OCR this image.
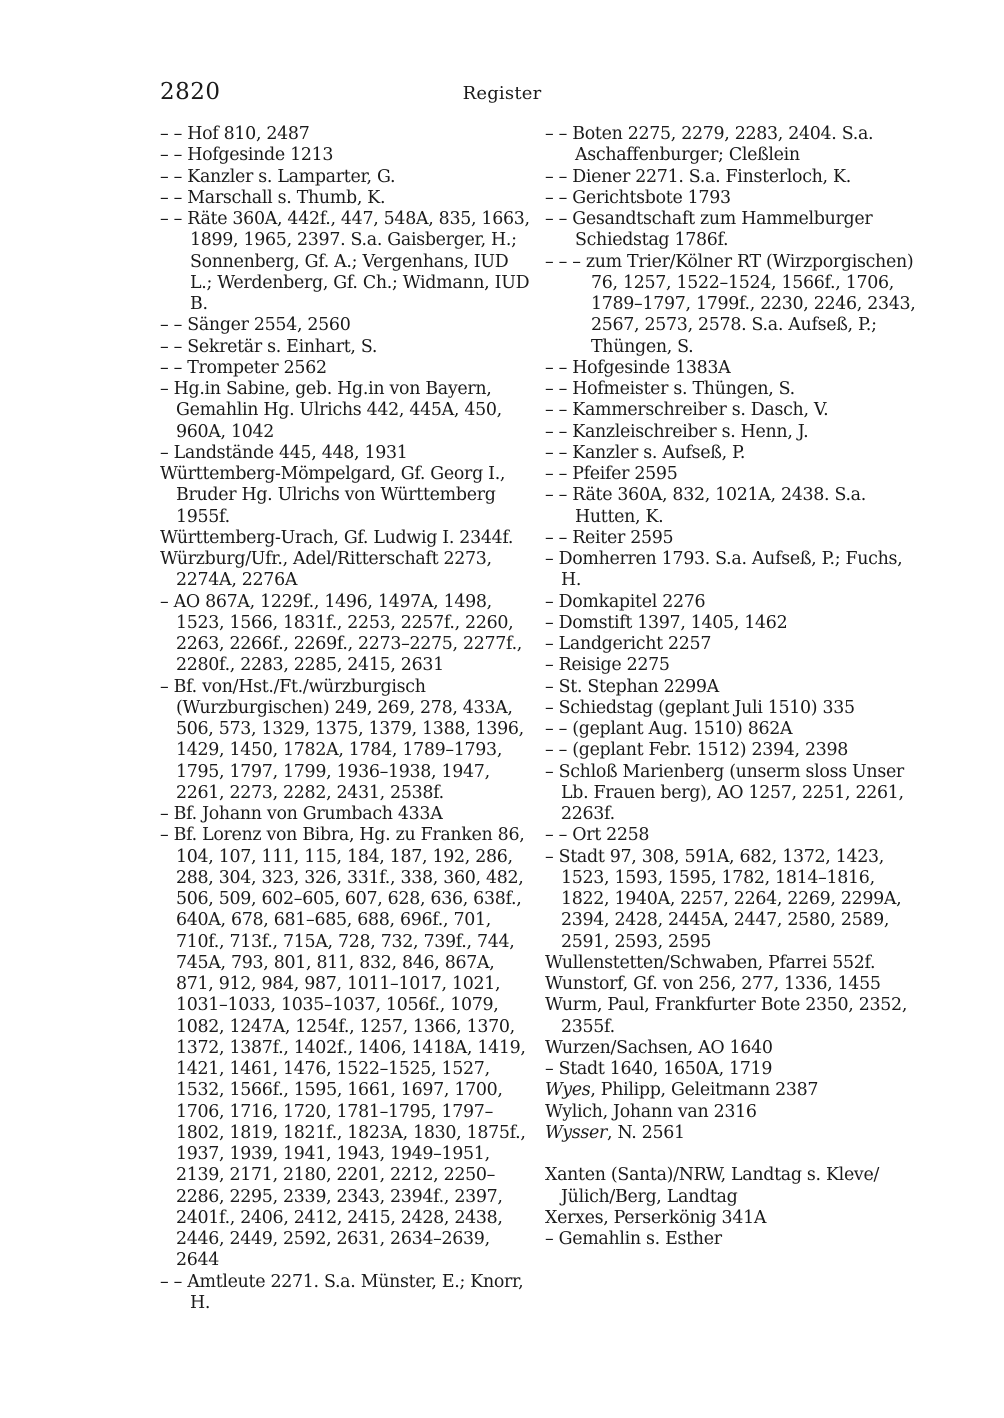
2820	Register

– – Hof 810, 2487

– – Hofgesinde 1213

– – Kanzler s. Lamparter, G.

– – Marschall s. Thumb, K.

– – Räte 360A, 442f., 447, 548A, 835, 1663, 1899, 1965, 2397. S.a. Gaisberger, H.; Sonnenberg, Gf. A.; Vergenhans, IUD L.; Werdenberg, Gf. Ch.; Widmann, IUD B.

– – Sänger 2554, 2560

– – Sekretär s. Einhart, S.

– – Trompeter 2562

– Hg.in Sabine, geb. Hg.in von Bayern, Gemahlin Hg. Ulrichs 442, 445A, 450, 960A, 1042

– Landstände 445, 448, 1931

Württemberg-Mömpelgard, Gf. Georg I., Bruder Hg. Ulrichs von Württemberg 1955f.

Württemberg-Urach, Gf. Ludwig I. 2344f.

Würzburg/Ufr., Adel/Ritterschaft 2273, 2274A, 2276A

– AO 867A, 1229f., 1496, 1497A, 1498, 1523, 1566, 1831f., 2253, 2257f., 2260, 2263, 2266f., 2269f., 2273–2275, 2277f., 2280f., 2283, 2285, 2415, 2631

– Bf. von/Hst./Ft./würzburgisch (Wurzburgischen) 249, 269, 278, 433A, 506, 573, 1329, 1375, 1379, 1388, 1396, 1429, 1450, 1782A, 1784, 1789–1793, 1795, 1797, 1799, 1936–1938, 1947, 2261, 2273, 2282, 2431, 2538f.

– Bf. Johann von Grumbach 433A

– Bf. Lorenz von Bibra, Hg. zu Franken 86, 104, 107, 111, 115, 184, 187, 192, 286, 288, 304, 323, 326, 331f., 338, 360, 482, 506, 509, 602–605, 607, 628, 636, 638f., 640A, 678, 681–685, 688, 696f., 701, 710f., 713f., 715A, 728, 732, 739f., 744, 745A, 793, 801, 811, 832, 846, 867A, 871, 912, 984, 987, 1011–1017, 1021, 1031–1033, 1035–1037, 1056f., 1079, 1082, 1247A, 1254f., 1257, 1366, 1370, 1372, 1387f., 1402f., 1406, 1418A, 1419, 1421, 1461, 1476, 1522–1525, 1527, 1532, 1566f., 1595, 1661, 1697, 1700, 1706, 1716, 1720, 1781–1795, 1797–1802, 1819, 1821f., 1823A, 1830, 1875f., 1937, 1939, 1941, 1943, 1949–1951, 2139, 2171, 2180, 2201, 2212, 2250–2286, 2295, 2339, 2343, 2394f., 2397, 2401f., 2406, 2412, 2415, 2428, 2438, 2446, 2449, 2592, 2631, 2634–2639, 2644

– – Amtleute 2271. S.a. Münster, E.; Knorr, H.

– – Boten 2275, 2279, 2283, 2404. S.a. Aschaffenburger; Cleßlein

– – Diener 2271. S.a. Finsterloch, K.

– – Gerichtsbote 1793

– – Gesandtschaft zum Hammelburger Schiedstag 1786f.

– – – zum Trier/Kölner RT (Wirzporgischen) 76, 1257, 1522–1524, 1566f., 1706, 1789–1797, 1799f., 2230, 2246, 2343, 2567, 2573, 2578. S.a. Aufseß, P.; Thüngen, S.

– – Hofgesinde 1383A

– – Hofmeister s. Thüngen, S.

– – Kammerschreiber s. Dasch, V.

– – Kanzleischreiber s. Henn, J.

– – Kanzler s. Aufseß, P.

– – Pfeifer 2595

– – Räte 360A, 832, 1021A, 2438. S.a. Hutten, K.

– – Reiter 2595

– Domherren 1793. S.a. Aufseß, P.; Fuchs, H.

– Domkapitel 2276

– Domstift 1397, 1405, 1462

– Landgericht 2257

– Reisige 2275

– St. Stephan 2299A

– Schiedstag (geplant Juli 1510) 335

– – (geplant Aug. 1510) 862A

– – (geplant Febr. 1512) 2394, 2398

– Schloß Marienberg (unserm sloss Unser Lb. Frauen berg), AO 1257, 2251, 2261, 2263f.

– – Ort 2258

– Stadt 97, 308, 591A, 682, 1372, 1423, 1523, 1593, 1595, 1782, 1814–1816, 1822, 1940A, 2257, 2264, 2269, 2299A, 2394, 2428, 2445A, 2447, 2580, 2589, 2591, 2593, 2595

Wullenstetten/Schwaben, Pfarrei 552f.

Wunstorf, Gf. von 256, 277, 1336, 1455

Wurm, Paul, Frankfurter Bote 2350, 2352, 2355f.

Wurzen/Sachsen, AO 1640

– Stadt 1640, 1650A, 1719

Wyes, Philipp, Geleitmann 2387

Wylich, Johann van 2316

Wysser, N. 2561

Xanten (Santa)/NRW, Landtag s. Kleve/ Jülich/Berg, Landtag

Xerxes, Perserkönig 341A

– Gemahlin s. Esther
